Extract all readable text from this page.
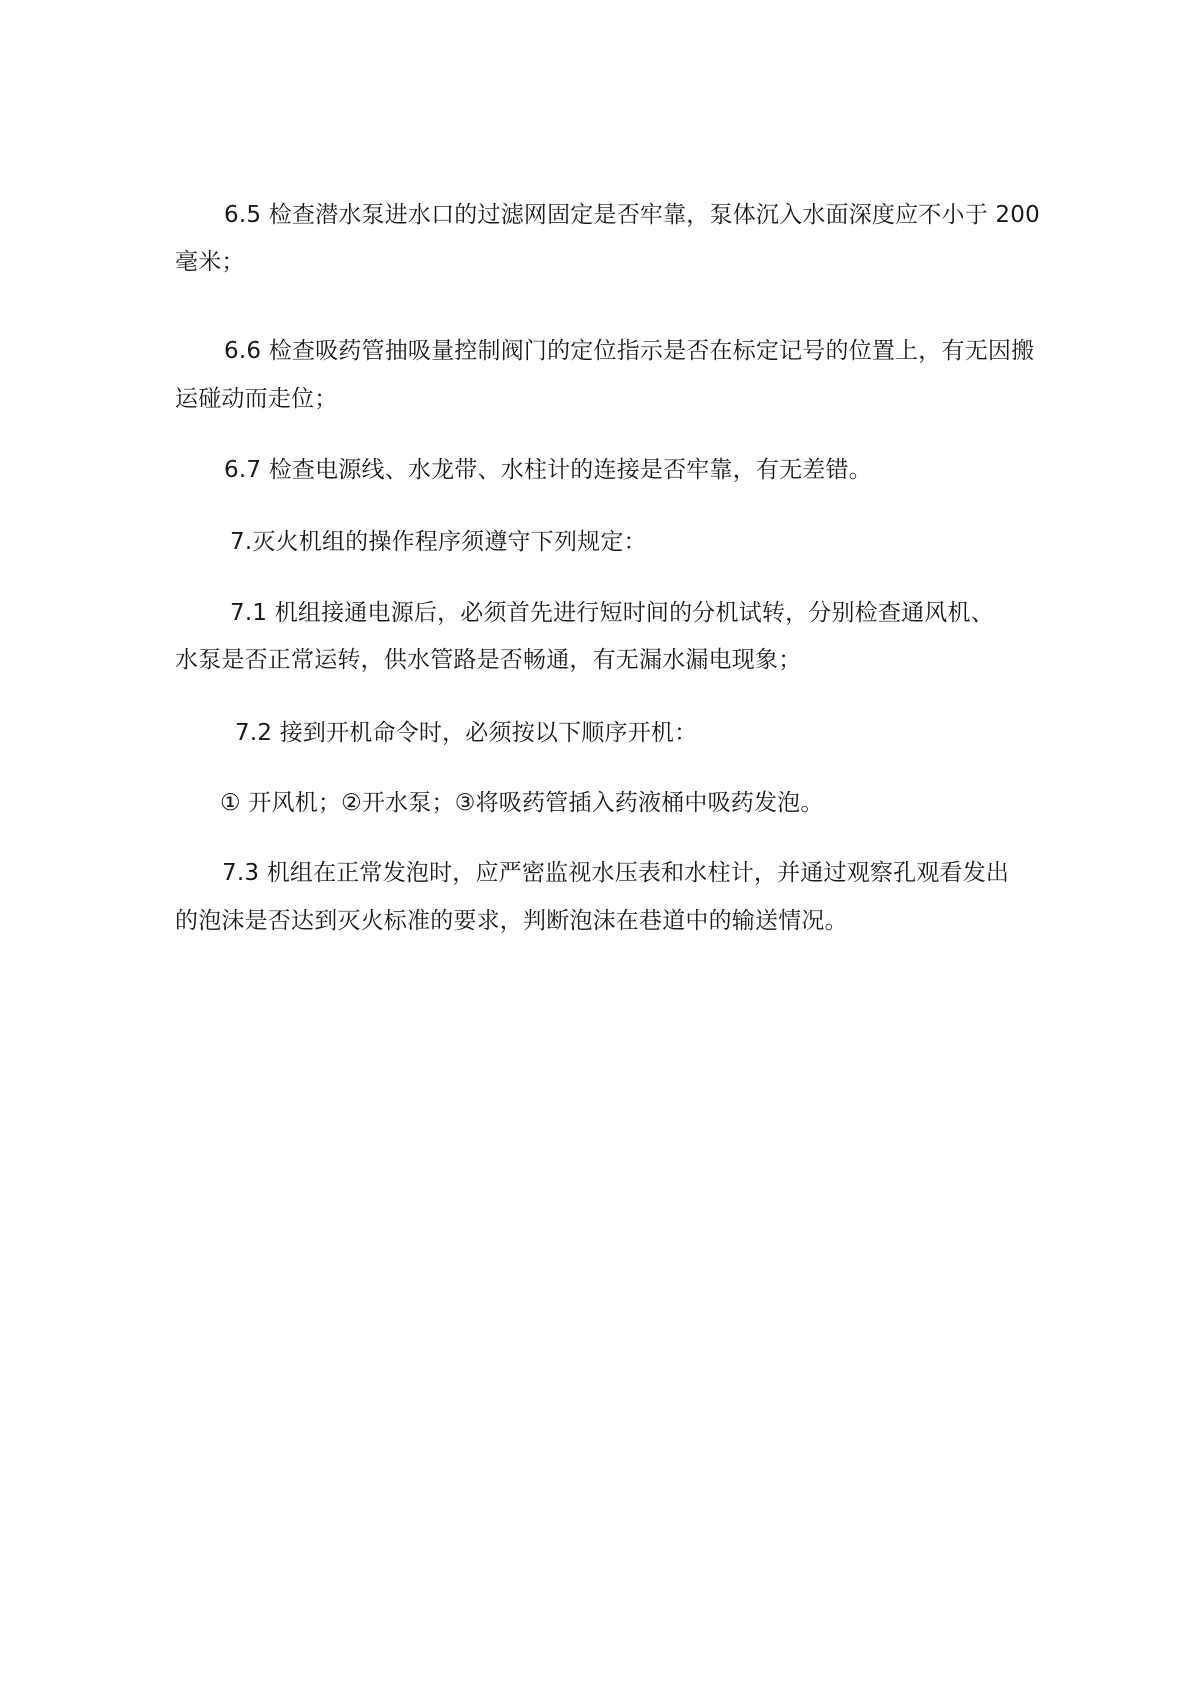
6.5 检查潜水泵进水口的过滤网固定是否牢靠，泵体沉入水面深度应不小于 200
毫米；
6.6 检查吸药管抽吸量控制阀门的定位指示是否在标定记号的位置上，有无因搬
运碰动而走位；
6.7 检查电源线、水龙带、水柱计的连接是否牢靠，有无差错。
7.灭火机组的操作程序须遵守下列规定：
7.1 机组接通电源后，必须首先进行短时间的分机试转，分别检查通风机、
水泵是否正常运转，供水管路是否畅通，有无漏水漏电现象；
7.2 接到开机命令时，必须按以下顺序开机：
① 开风机；②开水泵；③将吸药管插入药液桶中吸药发泡。
7.3 机组在正常发泡时，应严密监视水压表和水柱计，并通过观察孔观看发出
的泡沫是否达到灭火标准的要求，判断泡沫在巷道中的输送情况。
